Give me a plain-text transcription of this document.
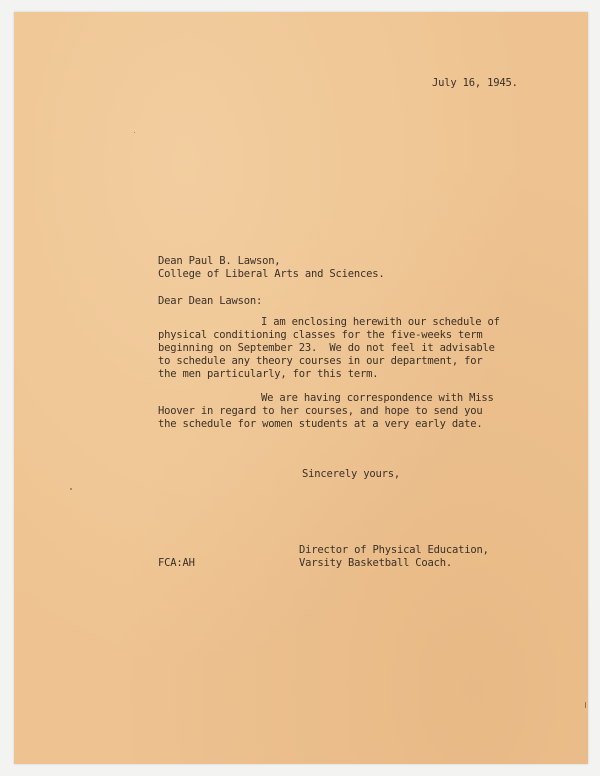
July 16, 1945.
Dean Paul B. Lawson,
College of Liberal Arts and Sciences.
Dear Dean Lawson:
I am enclosing herewith our schedule of
physical conditioning classes for the five-weeks term
beginning on September 23.  We do not feel it advisable
to schedule any theory courses in our department, for
the men particularly, for this term.
We are having correspondence with Miss
Hoover in regard to her courses, and hope to send you
the schedule for women students at a very early date.
Sincerely yours,
Director of Physical Education,
Varsity Basketball Coach.
FCA:AH
